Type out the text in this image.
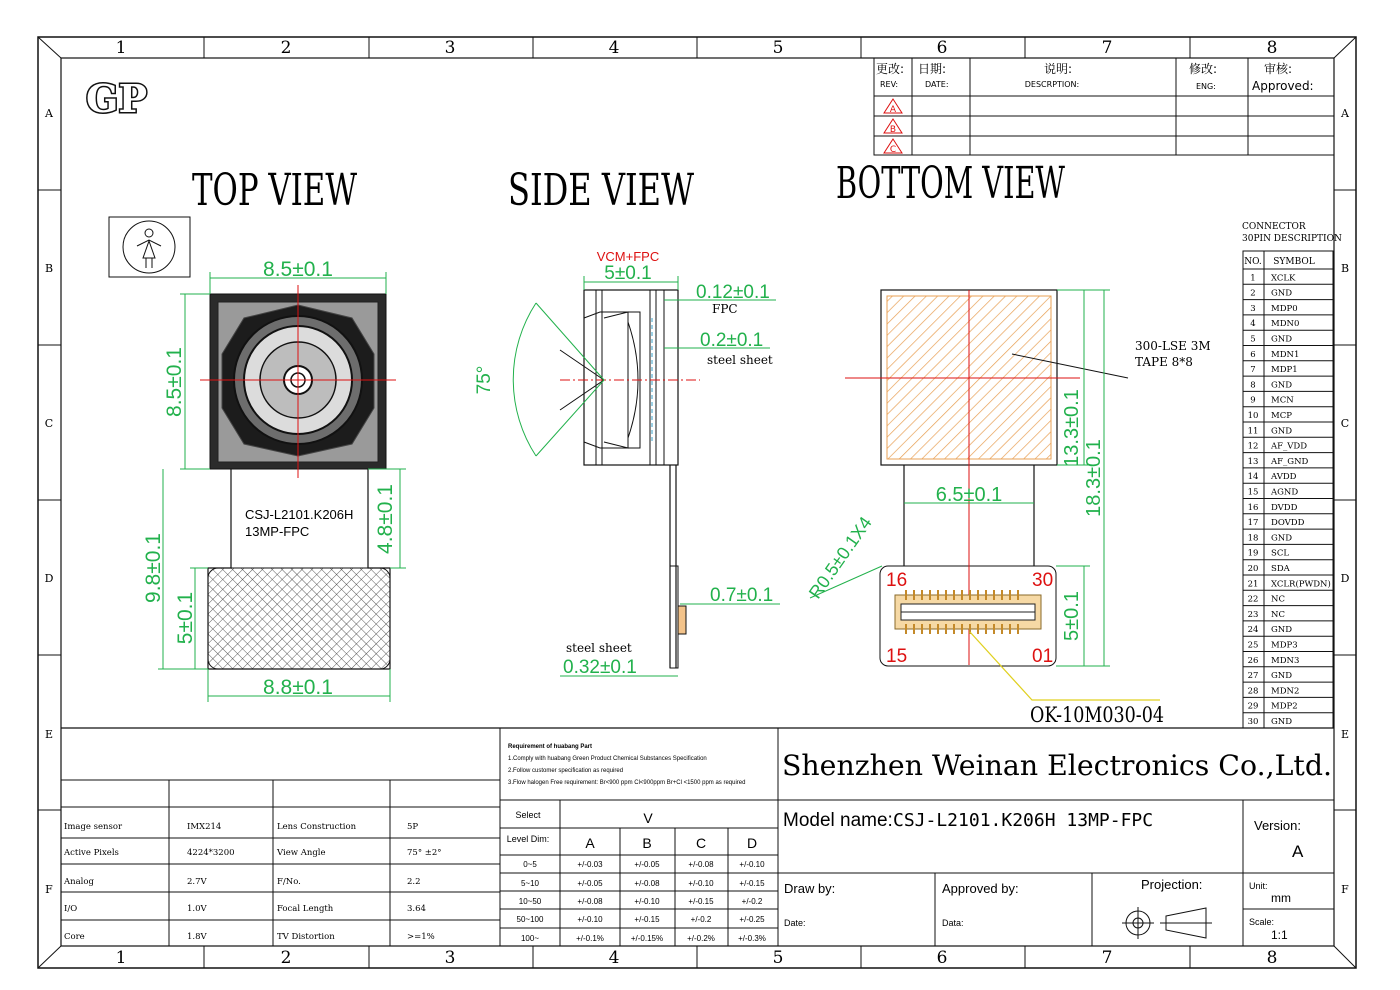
1	2	3	4	5	6	7	8
1	2	3	4	5	6	7	8
A
B
C
D
E
F
A
B
C
D
E
F
GP
更改:
REV:
日期:
DATE:
说明:
DESCRPTION:
修改:
ENG:
审核:
Approved:
A
B
C
TOP VIEW	SIDE VIEW	BOTTOM VIEW
8.5±0.1
8.5±0.1
9.8±0.1
5±0.1
4.8±0.1
8.8±0.1
CSJ-L2101.K206H
13MP-FPC
VCM+FPC
5±0.1
0.12±0.1
FPC
0.2±0.1
steel sheet
75°
0.7±0.1
steel sheet
0.32±0.1
300-LSE 3M
TAPE 8*8
13.3±0.1
18.3±0.1
6.5±0.1
R0.5±0.1X4
5±0.1
16	30
15	01
OK-10M030-04
CONNECTOR
30PIN DESCRIPTION
NO. SYMBOL
1 XCLK
2 GND
3 MDP0
4 MDN0
5 GND
6 MDN1
7 MDP1
8 GND
9 MCN
10 MCP
11 GND
12 AF_VDD
13 AF_GND
14 AVDD
15 AGND
16 DVDD
17 DOVDD
18 GND
19 SCL
20 SDA
21 XCLR(PWDN)
22 NC
23 NC
24 GND
25 MDP3
26 MDN3
27 GND
28 MDN2
29 MDP2
30 GND
Image sensor	IMX214	Lens Construction	5P
Active Pixels	4224*3200	View Angle	75° ±2°
Analog	2.7V	F/No.	2.2
I/O	1.0V	Focal Length	3.64
Core	1.8V	TV Distortion	>=1%
Requirement of huabang Part
1.Comply with huabang Green Product Chemical Substances Specification
2.Follow customer specification as required
3.Flow halogen Free requirement: Br<900 ppm Cl<900ppm Br+Cl <1500 ppm as required
Select	V
Level Dim:	A	B	C	D
0~5	+/-0.03	+/-0.05	+/-0.08	+/-0.10
5~10	+/-0.05	+/-0.08	+/-0.10	+/-0.15
10~50	+/-0.08	+/-0.10	+/-0.15	+/-0.2
50~100	+/-0.10	+/-0.15	+/-0.2	+/-0.25
100~	+/-0.1%	+/-0.15%	+/-0.2%	+/-0.3%
Shenzhen Weinan Electronics Co.,Ltd.
Model name: CSJ-L2101.K206H 13MP-FPC	Version:
A
Draw by:	Approved by:	Projection:	Unit:
mm
Date:	Data:	Scale:
1:1
